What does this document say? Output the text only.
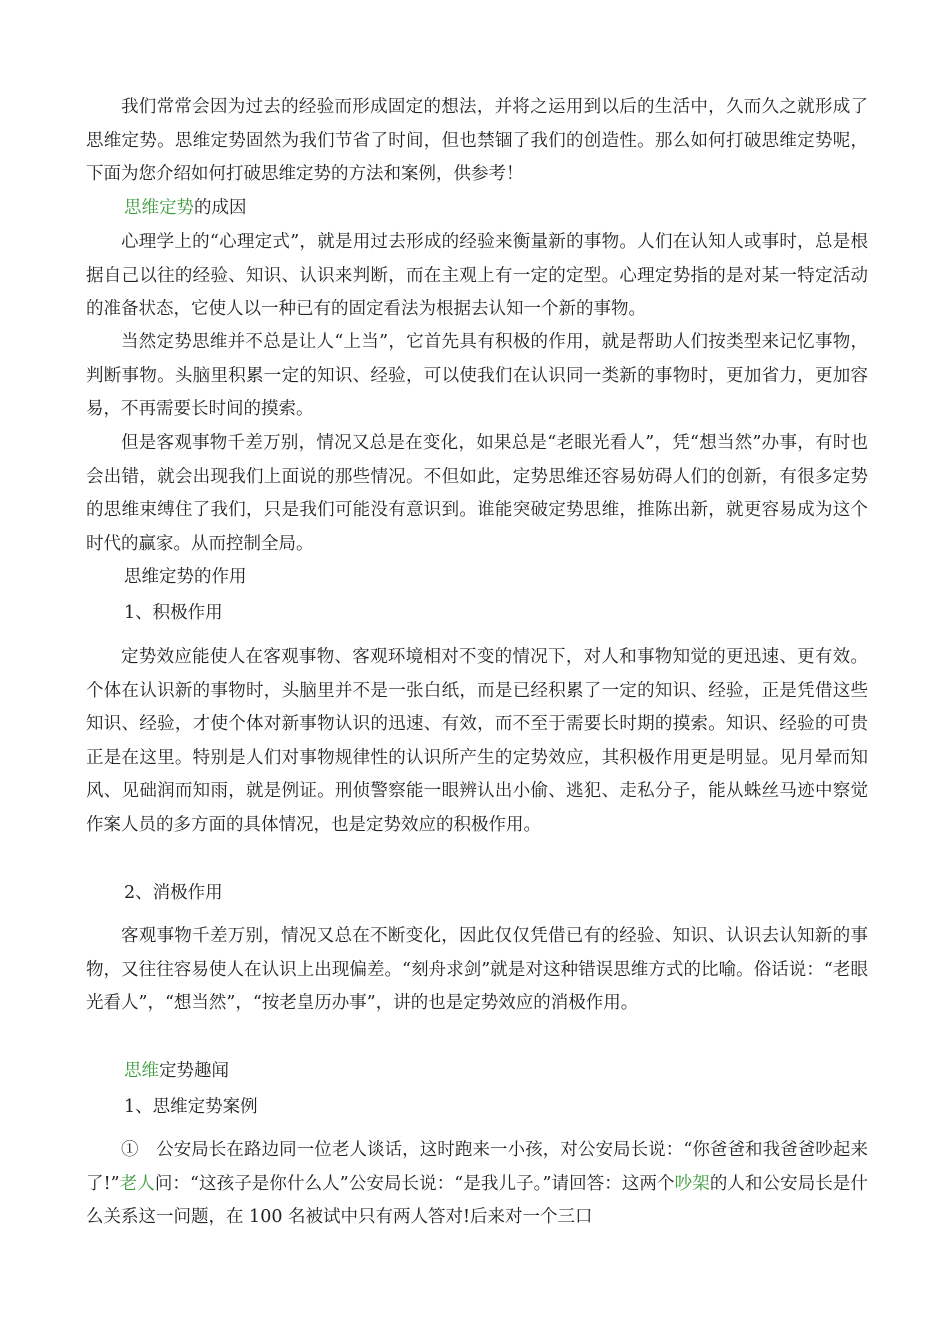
我们常常会因为过去的经验而形成固定的想法，并将之运用到以后的生活中，久而久之就形成了思维定势。思维定势固然为我们节省了时间，但也禁锢了我们的创造性。那么如何打破思维定势呢，下面为您介绍如何打破思维定势的方法和案例，供参考！

思维定势的成因

心理学上的“心理定式”，就是用过去形成的经验来衡量新的事物。人们在认知人或事时，总是根据自己以往的经验、知识、认识来判断，而在主观上有一定的定型。心理定势指的是对某一特定活动的准备状态，它使人以一种已有的固定看法为根据去认知一个新的事物。

当然定势思维并不总是让人“上当”，它首先具有积极的作用，就是帮助人们按类型来记忆事物，判断事物。头脑里积累一定的知识、经验，可以使我们在认识同一类新的事物时，更加省力，更加容易，不再需要长时间的摸索。

但是客观事物千差万别，情况又总是在变化，如果总是“老眼光看人”，凭“想当然”办事，有时也会出错，就会出现我们上面说的那些情况。不但如此，定势思维还容易妨碍人们的创新，有很多定势的思维束缚住了我们，只是我们可能没有意识到。谁能突破定势思维，推陈出新，就更容易成为这个时代的赢家。从而控制全局。

思维定势的作用

1、积极作用

定势效应能使人在客观事物、客观环境相对不变的情况下，对人和事物知觉的更迅速、更有效。个体在认识新的事物时，头脑里并不是一张白纸，而是已经积累了一定的知识、经验，正是凭借这些知识、经验，才使个体对新事物认识的迅速、有效，而不至于需要长时期的摸索。知识、经验的可贵正是在这里。特别是人们对事物规律性的认识所产生的定势效应，其积极作用更是明显。见月晕而知风、见础润而知雨，就是例证。刑侦警察能一眼辨认出小偷、逃犯、走私分子，能从蛛丝马迹中察觉作案人员的多方面的具体情况，也是定势效应的积极作用。

2、消极作用

客观事物千差万别，情况又总在不断变化，因此仅仅凭借已有的经验、知识、认识去认知新的事物，又往往容易使人在认识上出现偏差。“刻舟求剑”就是对这种错误思维方式的比喻。俗话说：“老眼光看人”，“想当然”，“按老皇历办事”，讲的也是定势效应的消极作用。

思维定势趣闻

1、思维定势案例

①　公安局长在路边同一位老人谈话，这时跑来一小孩，对公安局长说：“你爸爸和我爸爸吵起来了!”老人问：“这孩子是你什么人”公安局长说：“是我儿子。”请回答：这两个吵架的人和公安局长是什么关系这一问题，在 100 名被试中只有两人答对!后来对一个三口
